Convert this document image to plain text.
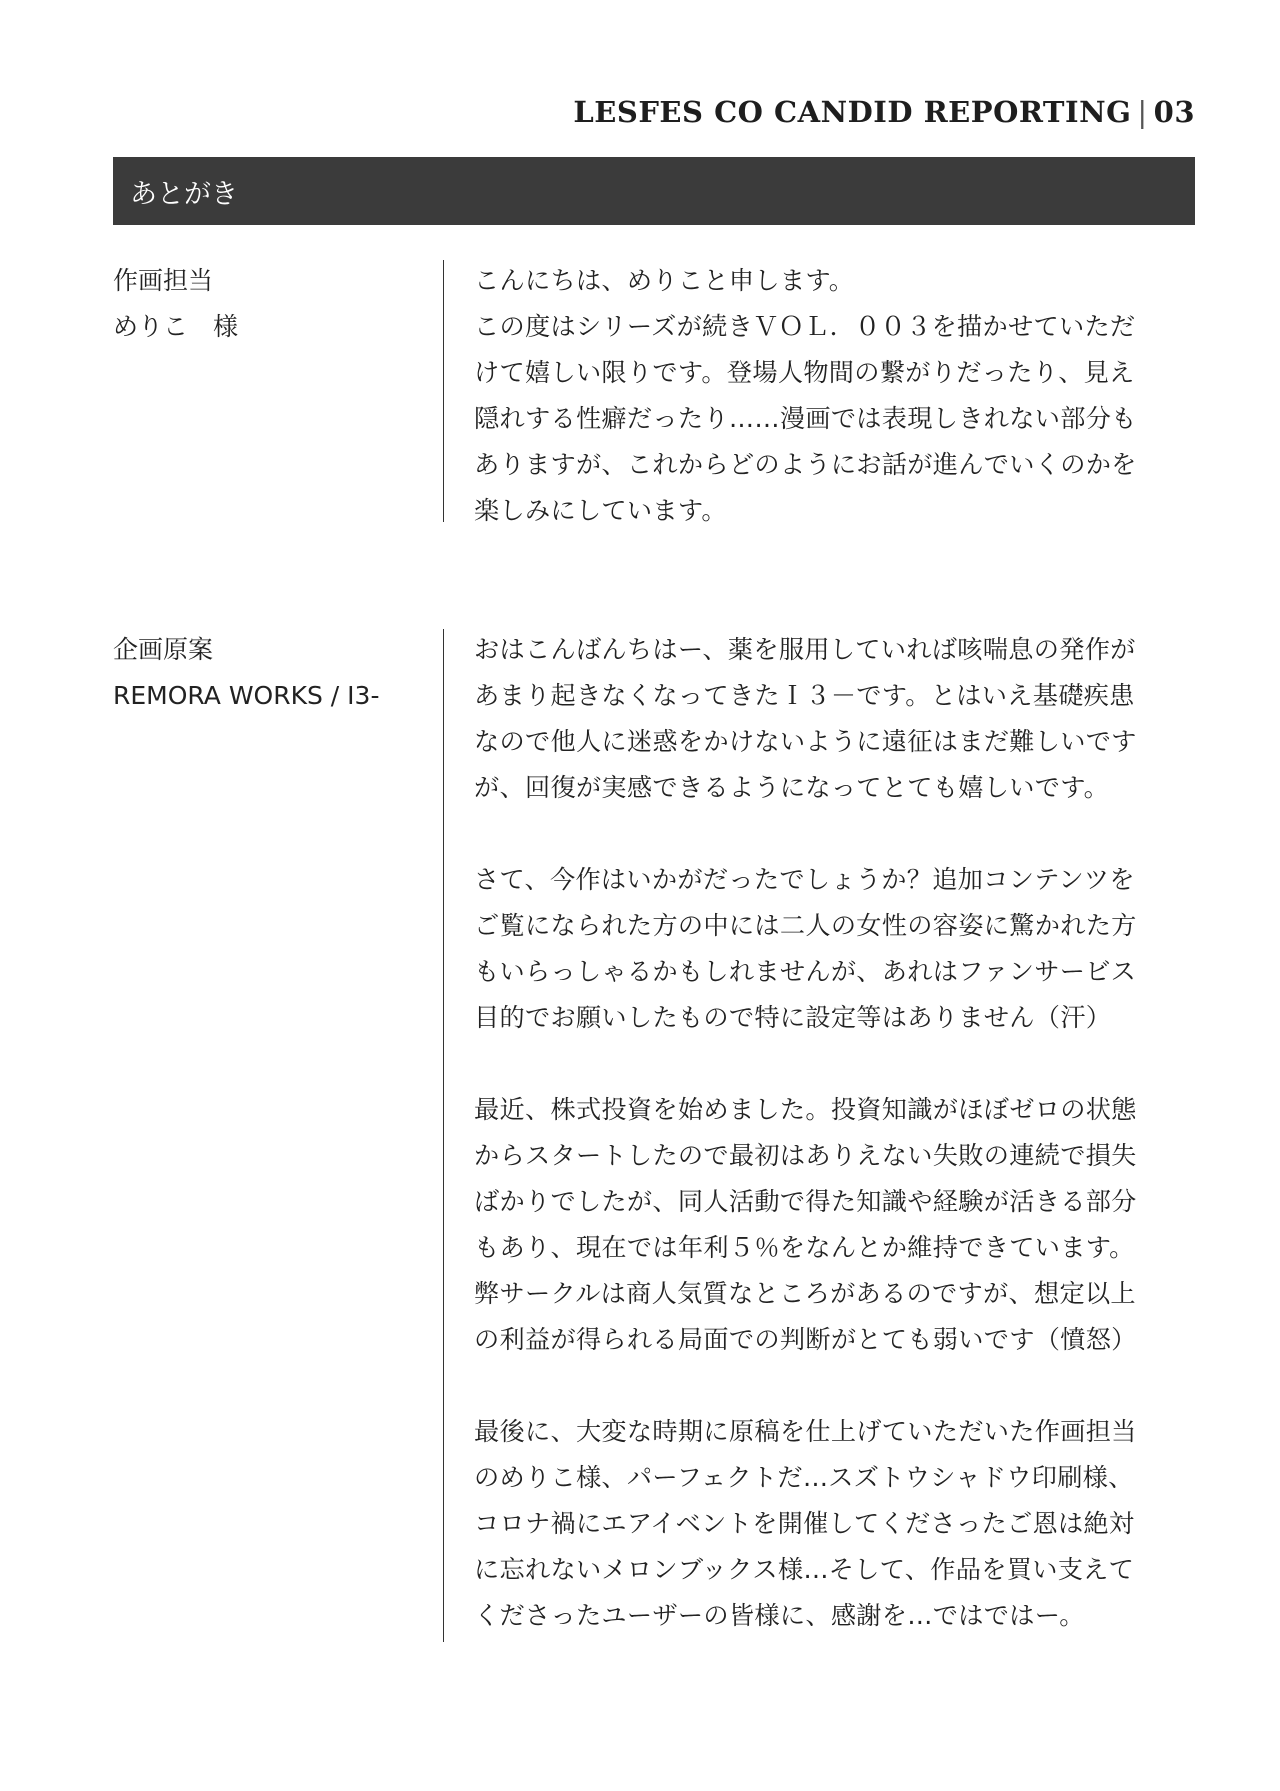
LESFES CO CANDID REPORTING | 03
あとがき
作画担当
めりこ　様
こんにちは、めりこと申します。
この度はシリーズが続きＶＯＬ．００３を描かせていただ
けて嬉しい限りです。登場人物間の繋がりだったり、見え
隠れする性癖だったり……漫画では表現しきれない部分も
ありますが、これからどのようにお話が進んでいくのかを
楽しみにしています。
企画原案
REMORA WORKS / I3-
おはこんばんちはー、薬を服用していれば咳喘息の発作が
あまり起きなくなってきたＩ３－です。とはいえ基礎疾患
なので他人に迷惑をかけないように遠征はまだ難しいです
が、回復が実感できるようになってとても嬉しいです。
さて、今作はいかがだったでしょうか？追加コンテンツを
ご覧になられた方の中には二人の女性の容姿に驚かれた方
もいらっしゃるかもしれませんが、あれはファンサービス
目的でお願いしたもので特に設定等はありません（汗）
最近、株式投資を始めました。投資知識がほぼゼロの状態
からスタートしたので最初はありえない失敗の連続で損失
ばかりでしたが、同人活動で得た知識や経験が活きる部分
もあり、現在では年利５％をなんとか維持できています。
弊サークルは商人気質なところがあるのですが、想定以上
の利益が得られる局面での判断がとても弱いです（憤怒）
最後に、大変な時期に原稿を仕上げていただいた作画担当
のめりこ様、パーフェクトだ…スズトウシャドウ印刷様、
コロナ禍にエアイベントを開催してくださったご恩は絶対
に忘れないメロンブックス様…そして、作品を買い支えて
くださったユーザーの皆様に、感謝を…ではではー。
